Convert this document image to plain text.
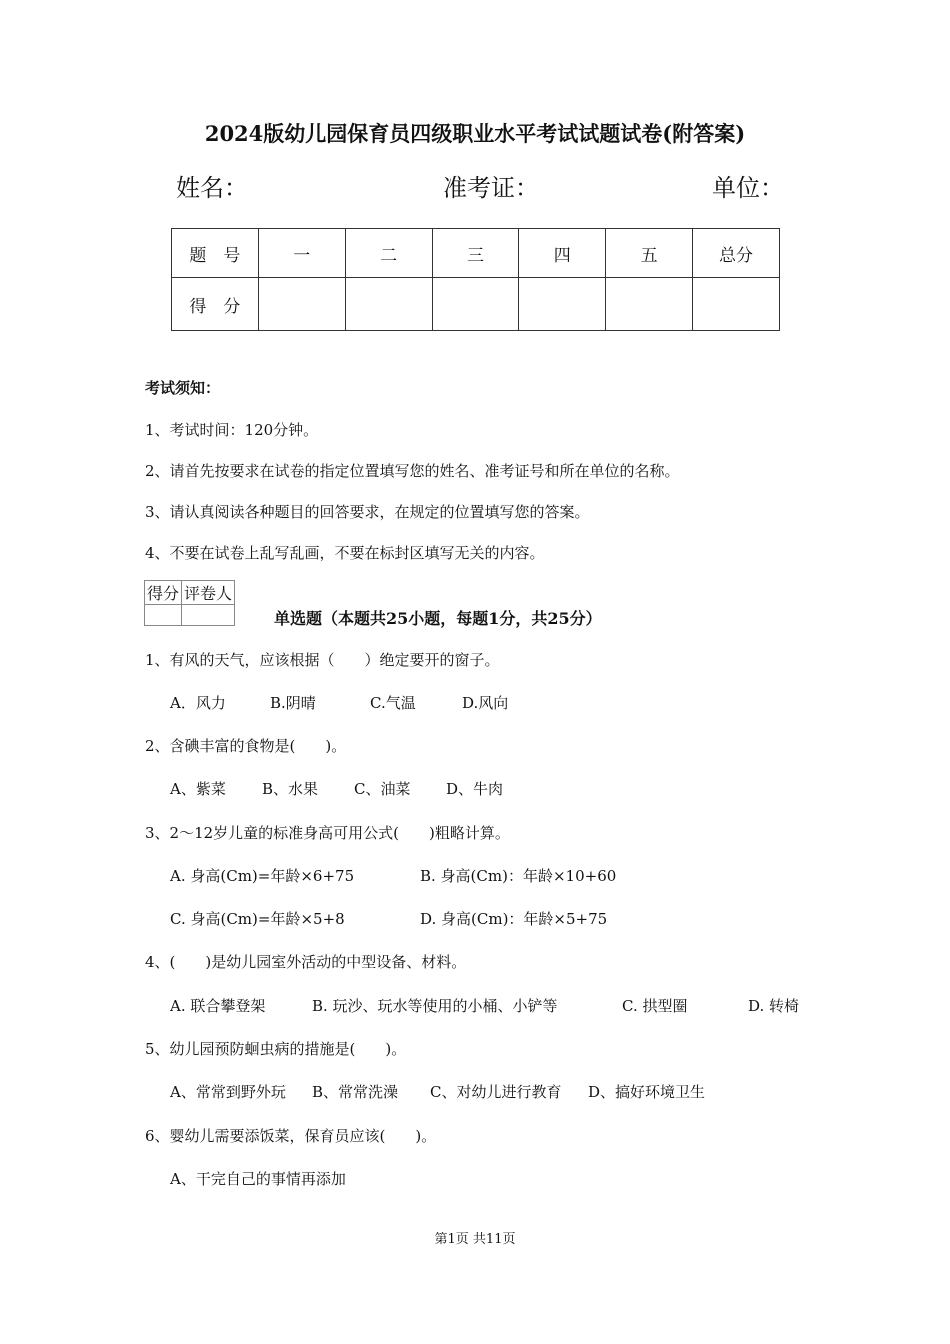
2024版幼儿园保育员四级职业水平考试试题试卷(附答案)
姓名：	准考证：	单位：
题　号	一	二	三	四	五	总分
得　分						
考试须知：
1、考试时间：120分钟。
2、请首先按要求在试卷的指定位置填写您的姓名、准考证号和所在单位的名称。
3、请认真阅读各种题目的回答要求，在规定的位置填写您的答案。
4、不要在试卷上乱写乱画，不要在标封区填写无关的内容。
得分	评卷人

单选题（本题共25小题，每题1分，共25分）
1、有风的天气，应该根据（　　）绝定要开的窗子。
A．风力	B.阴晴	C.气温	D.风向
2、含碘丰富的食物是(　　)。
A、紫菜 B、水果 C、油菜 D、牛肉
3、2～12岁儿童的标准身高可用公式(　　)粗略计算。
A. 身高(Cm)=年龄×6+75	B. 身高(Cm)：年龄×10+60
C. 身高(Cm)=年龄×5+8	D. 身高(Cm)：年龄×5+75
4、(　　)是幼儿园室外活动的中型设备、材料。
A. 联合攀登架	B. 玩沙、玩水等使用的小桶、小铲等	C. 拱型圈	D. 转椅
5、幼儿园预防蛔虫病的措施是(　　)。
A、常常到野外玩 B、常常洗澡 C、对幼儿进行教育 D、搞好环境卫生
6、婴幼儿需要添饭菜，保育员应该(　　)。
A、干完自己的事情再添加
第1页 共11页
